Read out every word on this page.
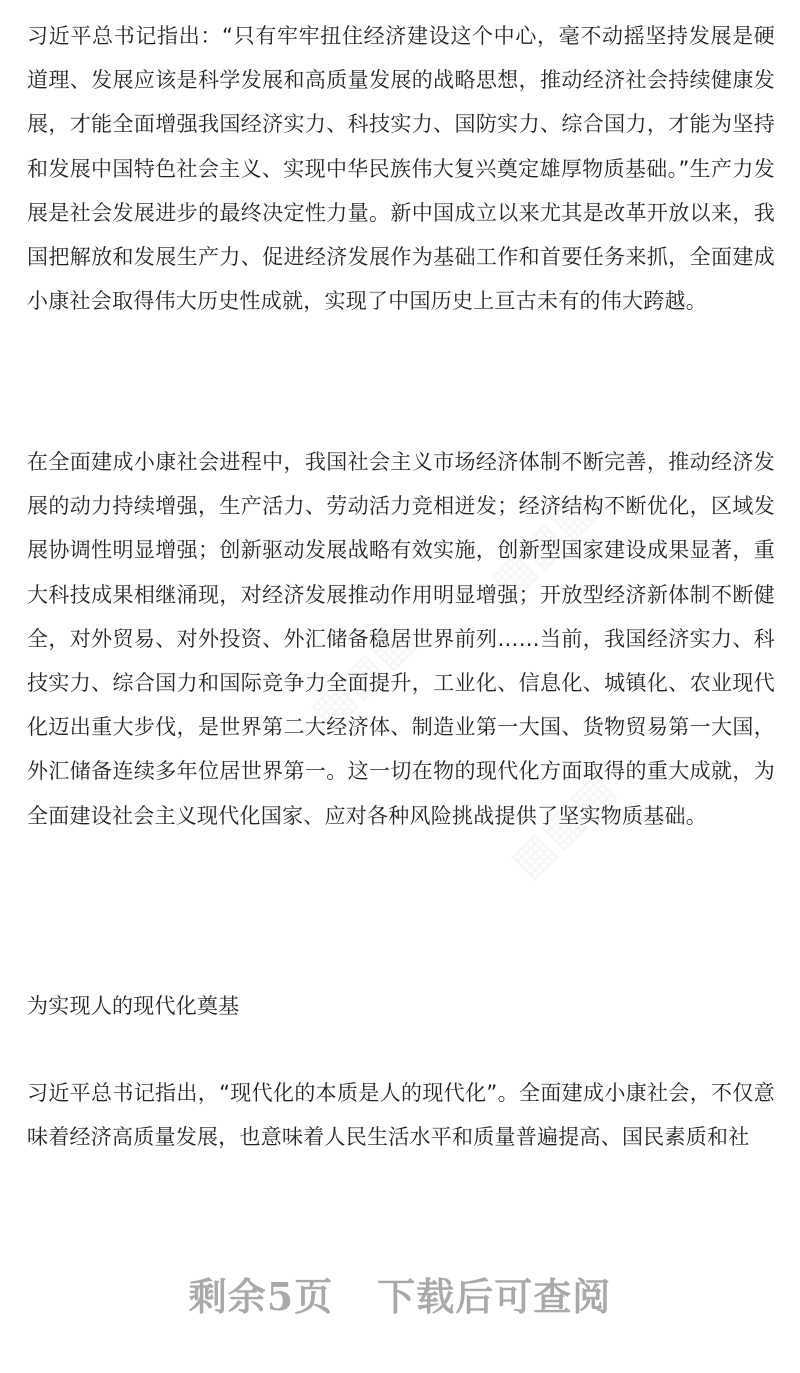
习近平总书记指出：“只有牢牢扭住经济建设这个中心，毫不动摇坚持发展是硬道理、发展应该是科学发展和高质量发展的战略思想，推动经济社会持续健康发展，才能全面增强我国经济实力、科技实力、国防实力、综合国力，才能为坚持和发展中国特色社会主义、实现中华民族伟大复兴奠定雄厚物质基础。”生产力发展是社会发展进步的最终决定性力量。新中国成立以来尤其是改革开放以来，我国把解放和发展生产力、促进经济发展作为基础工作和首要任务来抓，全面建成小康社会取得伟大历史性成就，实现了中国历史上亘古未有的伟大跨越。

在全面建成小康社会进程中，我国社会主义市场经济体制不断完善，推动经济发展的动力持续增强，生产活力、劳动活力竞相迸发；经济结构不断优化，区域发展协调性明显增强；创新驱动发展战略有效实施，创新型国家建设成果显著，重大科技成果相继涌现，对经济发展推动作用明显增强；开放型经济新体制不断健全，对外贸易、对外投资、外汇储备稳居世界前列……当前，我国经济实力、科技实力、综合国力和国际竞争力全面提升，工业化、信息化、城镇化、农业现代化迈出重大步伐，是世界第二大经济体、制造业第一大国、货物贸易第一大国，外汇储备连续多年位居世界第一。这一切在物的现代化方面取得的重大成就，为全面建设社会主义现代化国家、应对各种风险挑战提供了坚实物质基础。

为实现人的现代化奠基

习近平总书记指出，“现代化的本质是人的现代化”。全面建成小康社会，不仅意味着经济高质量发展，也意味着人民生活水平和质量普遍提高、国民素质和社

剩余5页 下载后可查阅
